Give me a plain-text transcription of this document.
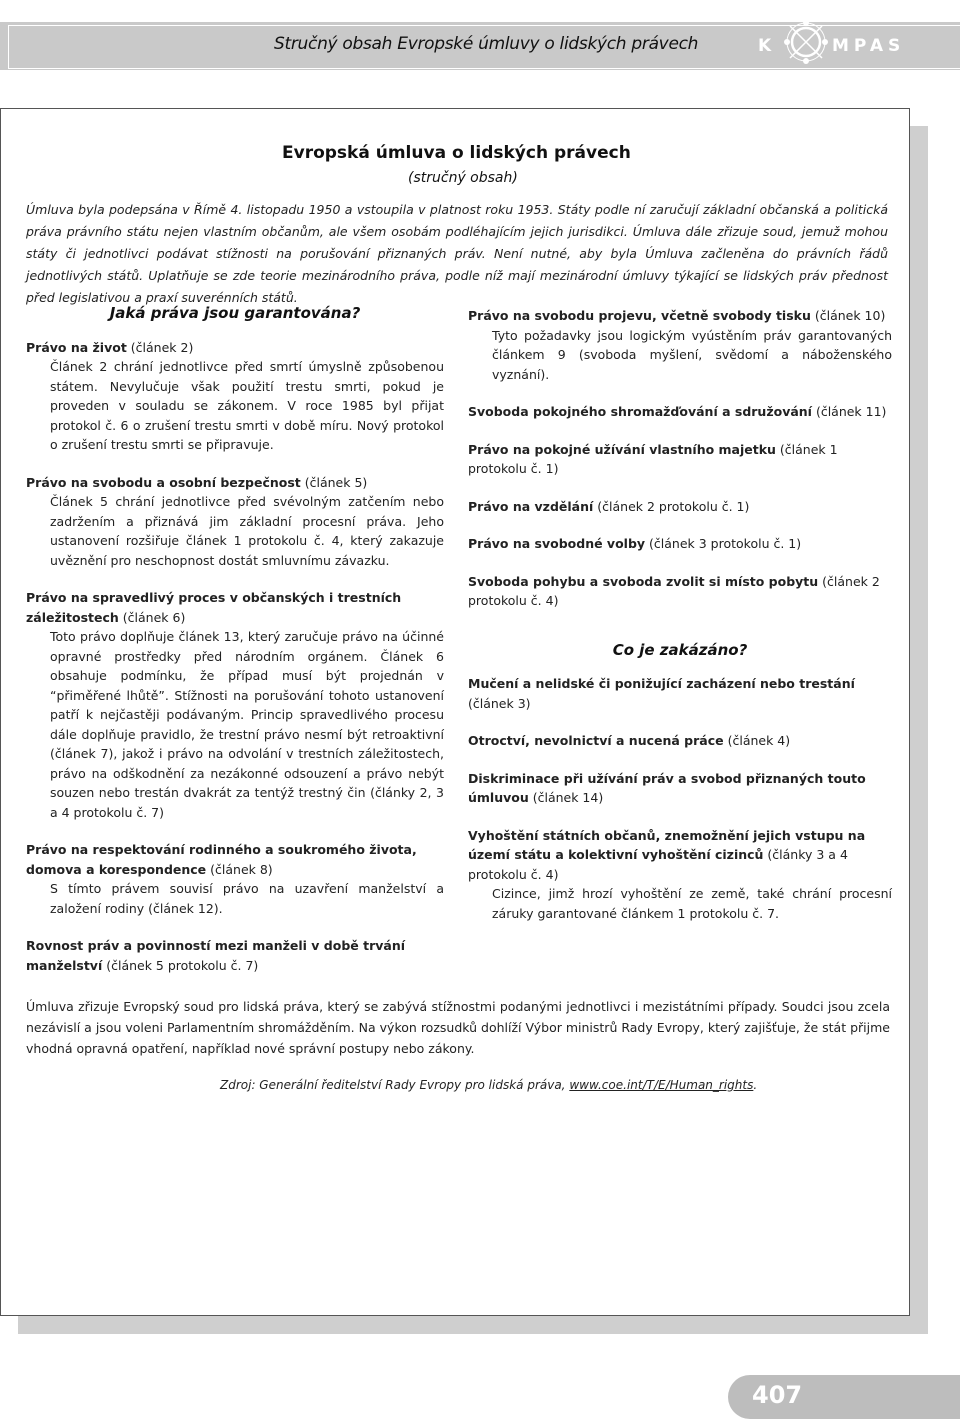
Stručný obsah Evropské úmluvy o lidských právech	K	MPAS
Evropská úmluva o lidských právech
(stručný obsah)
Úmluva byla podepsána v Římě 4. listopadu 1950 a vstoupila v platnost roku 1953. Státy podle ní zaručují základní občanská a politická práva právního státu nejen vlastním občanům, ale všem osobám podléhajícím jejich jurisdikci. Úmluva dále zřizuje soud, jemuž mohou státy či jednotlivci podávat stížnosti na porušování přiznaných práv. Není nutné, aby byla Úmluva začleněna do právních řádů jednotlivých států. Uplatňuje se zde teorie mezinárodního práva, podle níž mají mezinárodní úmluvy týkající se lidských práv přednost před legislativou a praxí suverénních států.
Jaká práva jsou garantována?

Právo na život (článek 2)

Článek 2 chrání jednotlivce před smrtí úmyslně způsobenou státem. Nevylučuje však použití trestu smrti, pokud je proveden v souladu se zákonem. V roce 1985 byl přijat protokol č. 6 o zrušení trestu smrti v době míru. Nový protokol o zrušení trestu smrti se připravuje.

Právo na svobodu a osobní bezpečnost (článek 5)

Článek 5 chrání jednotlivce před svévolným zatčením nebo zadržením a přiznává jim základní procesní práva. Jeho ustanovení rozšiřuje článek 1 protokolu č. 4, který zakazuje uvěznění pro neschopnost dostát smluvnímu závazku.

Právo na spravedlivý proces v občanských i trestních záležitostech (článek 6)

Toto právo doplňuje článek 13, který zaručuje právo na účinné opravné prostředky před národním orgánem. Článek 6 obsahuje podmínku, že případ musí být projednán v “přiměřené lhůtě”. Stížnosti na porušování tohoto ustanovení patří k nejčastěji podávaným. Princip spravedlivého procesu dále doplňuje pravidlo, že trestní právo nesmí být retroaktivní (článek 7), jakož i právo na odvolání v trestních záležitostech, právo na odškodnění za nezákonné odsouzení a právo nebýt souzen nebo trestán dvakrát za tentýž trestný čin (články 2, 3 a 4 protokolu č. 7)

Právo na respektování rodinného a soukromého života, domova a korespondence (článek 8)

S tímto právem souvisí právo na uzavření manželství a založení rodiny (článek 12).

Rovnost práv a povinností mezi manželi v době trvání manželství (článek 5 protokolu č. 7)

Právo na svobodu projevu, včetně svobody tisku (článek 10)

Tyto požadavky jsou logickým vyústěním práv garantovaných článkem 9 (svoboda myšlení, svědomí a náboženského vyznání).

Svoboda pokojného shromažďování a sdružování (článek 11)

Právo na pokojné užívání vlastního majetku (článek 1 protokolu č. 1)

Právo na vzdělání (článek 2 protokolu č. 1)

Právo na svobodné volby (článek 3 protokolu č. 1)

Svoboda pohybu a svoboda zvolit si místo pobytu (článek 2 protokolu č. 4)

Co je zakázáno?

Mučení a nelidské či ponižující zacházení nebo trestání (článek 3)

Otroctví, nevolnictví a nucená práce (článek 4)

Diskriminace při užívání práv a svobod přiznaných touto úmluvou (článek 14)

Vyhoštění státních občanů, znemožnění jejich vstupu na území státu a kolektivní vyhoštění cizinců (články 3 a 4 protokolu č. 4)

Cizince, jimž hrozí vyhoštění ze země, také chrání procesní záruky garantované článkem 1 protokolu č. 7.

Úmluva zřizuje Evropský soud pro lidská práva, který se zabývá stížnostmi podanými jednotlivci i mezistátními případy. Soudci jsou zcela nezávislí a jsou voleni Parlamentním shromážděním. Na výkon rozsudků dohlíží Výbor ministrů Rady Evropy, který zajišťuje, že stát přijme vhodná opravná opatření, například nové správní postupy nebo zákony.
Zdroj: Generální ředitelství Rady Evropy pro lidská práva, www.coe.int/T/E/Human_rights.
407
